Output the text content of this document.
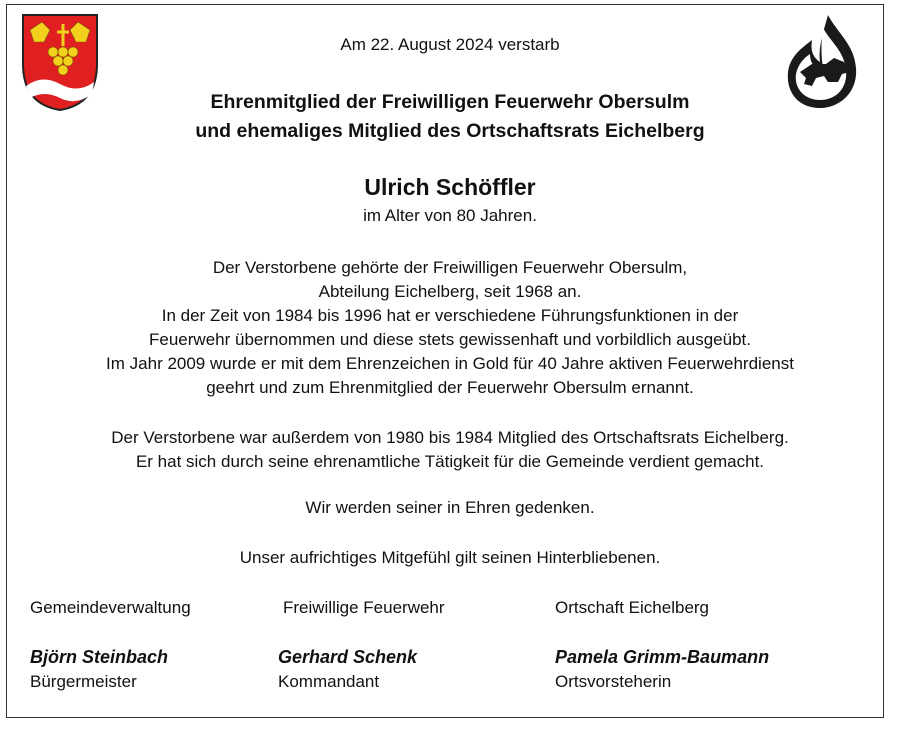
Am 22. August 2024 verstarb
Ehrenmitglied der Freiwilligen Feuerwehr Obersulm
und ehemaliges Mitglied des Ortschaftsrats Eichelberg
Ulrich Schöffler
im Alter von 80 Jahren.
Der Verstorbene gehörte der Freiwilligen Feuerwehr Obersulm,
Abteilung Eichelberg, seit 1968 an.
In der Zeit von 1984 bis 1996 hat er verschiedene Führungsfunktionen in der
Feuerwehr übernommen und diese stets gewissenhaft und vorbildlich ausgeübt.
Im Jahr 2009 wurde er mit dem Ehrenzeichen in Gold für 40 Jahre aktiven Feuerwehrdienst
geehrt und zum Ehrenmitglied der Feuerwehr Obersulm ernannt.
Der Verstorbene war außerdem von 1980 bis 1984 Mitglied des Ortschaftsrats Eichelberg.
Er hat sich durch seine ehrenamtliche Tätigkeit für die Gemeinde verdient gemacht.
Wir werden seiner in Ehren gedenken.
Unser aufrichtiges Mitgefühl gilt seinen Hinterbliebenen.
Gemeindeverwaltung	Freiwillige Feuerwehr	Ortschaft Eichelberg
Björn Steinbach	Gerhard Schenk	Pamela Grimm-Baumann
Bürgermeister	Kommandant	Ortsvorsteherin
